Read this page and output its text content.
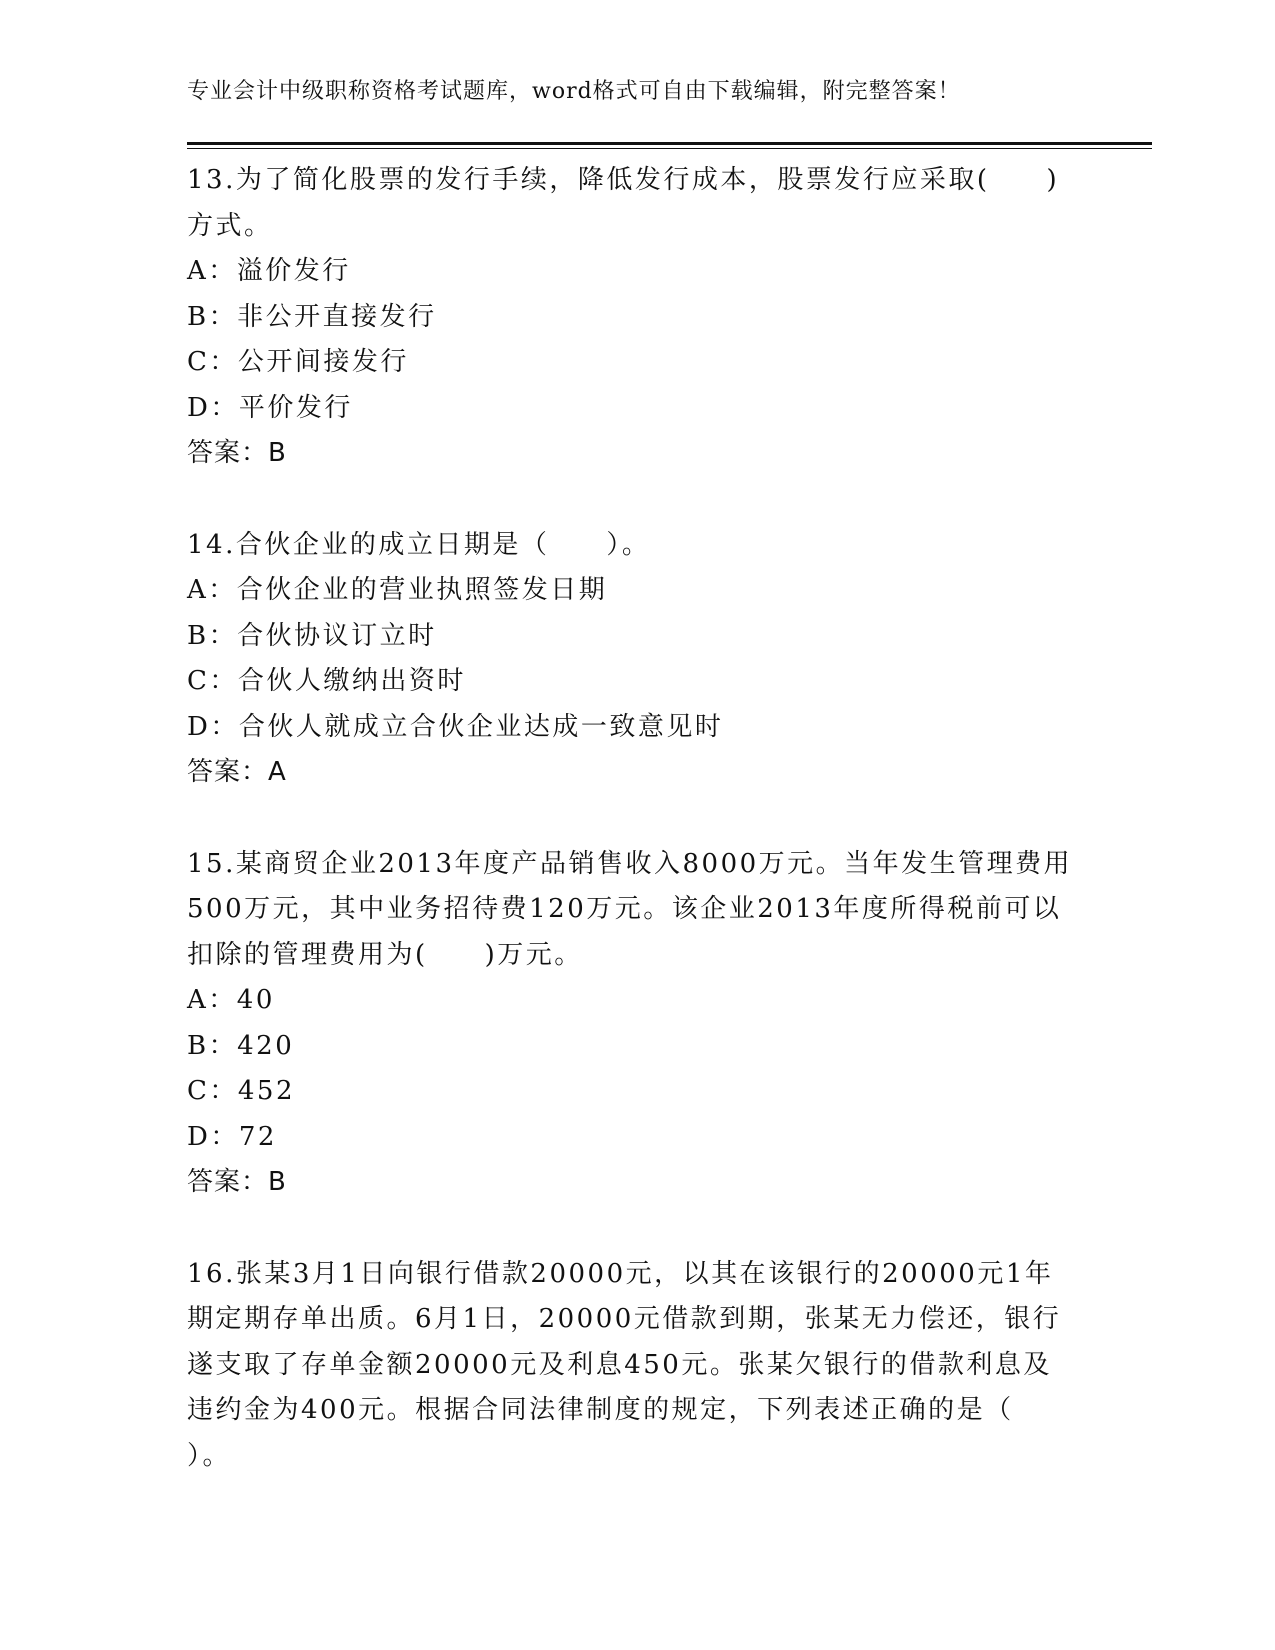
专业会计中级职称资格考试题库，word格式可自由下载编辑，附完整答案！
13.为了简化股票的发行手续，降低发行成本，股票发行应采取(　　)
方式。
A：溢价发行
B：非公开直接发行
C：公开间接发行
D：平价发行
答案：B
14.合伙企业的成立日期是（　　）。
A：合伙企业的营业执照签发日期
B：合伙协议订立时
C：合伙人缴纳出资时
D：合伙人就成立合伙企业达成一致意见时
答案：A
15.某商贸企业2013年度产品销售收入8000万元。当年发生管理费用
500万元，其中业务招待费120万元。该企业2013年度所得税前可以
扣除的管理费用为(　　)万元。
A：40
B：420
C：452
D：72
答案：B
16.张某3月1日向银行借款20000元，以其在该银行的20000元1年
期定期存单出质。6月1日，20000元借款到期，张某无力偿还，银行
遂支取了存单金额20000元及利息450元。张某欠银行的借款利息及
违约金为400元。根据合同法律制度的规定，下列表述正确的是（
）。
